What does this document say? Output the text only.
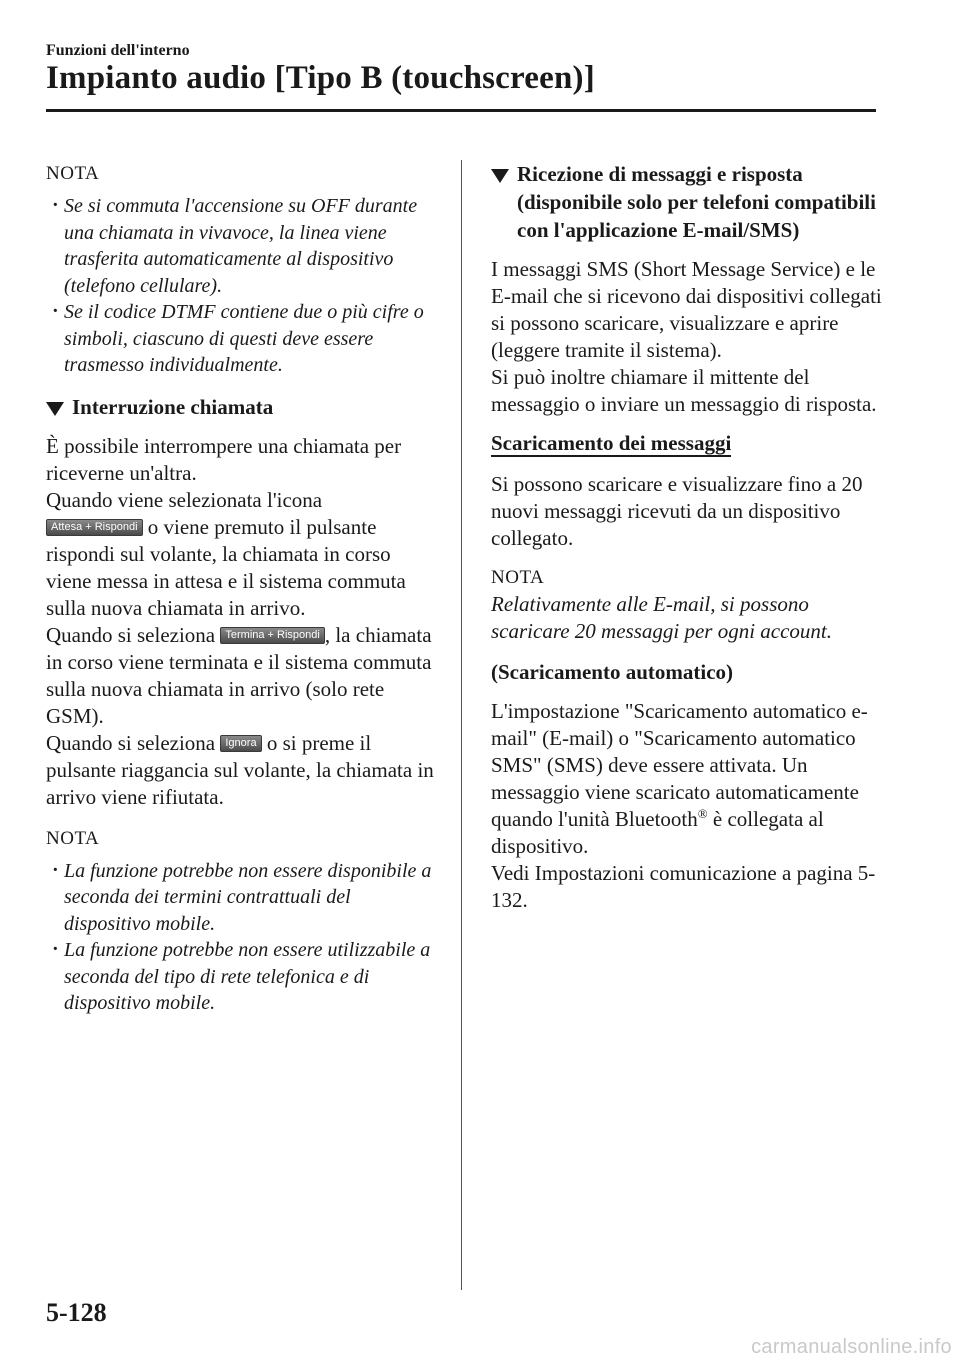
Funzioni dell'interno
Impianto audio [Tipo B (touchscreen)]

NOTA

· Se si commuta l'accensione su OFF durante una chiamata in vivavoce, la linea viene trasferita automaticamente al dispositivo (telefono cellulare).
· Se il codice DTMF contiene due o più cifre o simboli, ciascuno di questi deve essere trasmesso individualmente.
Interruzione chiamata

È possibile interrompere una chiamata per riceverne un'altra.

Quando viene selezionata l'icona
Attesa + Rispondi o viene premuto il pulsante rispondi sul volante, la chiamata in corso viene messa in attesa e il sistema commuta sulla nuova chiamata in arrivo.

Quando si seleziona Termina + Rispondi , la chiamata in corso viene terminata e il sistema commuta sulla nuova chiamata in arrivo (solo rete GSM).

Quando si seleziona Ignora o si preme il pulsante riaggancia sul volante, la chiamata in arrivo viene rifiutata.

NOTA

· La funzione potrebbe non essere disponibile a seconda dei termini contrattuali del dispositivo mobile.
· La funzione potrebbe non essere utilizzabile a seconda del tipo di rete telefonica e di dispositivo mobile.
Ricezione di messaggi e risposta (disponibile solo per telefoni compatibili con l'applicazione E-mail/SMS)

I messaggi SMS (Short Message Service) e le E-mail che si ricevono dai dispositivi collegati si possono scaricare, visualizzare e aprire (leggere tramite il sistema).

Si può inoltre chiamare il mittente del messaggio o inviare un messaggio di risposta.

Scaricamento dei messaggi

Si possono scaricare e visualizzare fino a 20 nuovi messaggi ricevuti da un dispositivo collegato.

NOTA

Relativamente alle E-mail, si possono scaricare 20 messaggi per ogni account.

(Scaricamento automatico)

L'impostazione "Scaricamento automatico e-mail" (E-mail) o "Scaricamento automatico SMS" (SMS) deve essere attivata. Un messaggio viene scaricato automaticamente quando l'unità Bluetooth® è collegata al dispositivo.

Vedi Impostazioni comunicazione a pagina 5-132.

5-128
carmanualsonline.info
